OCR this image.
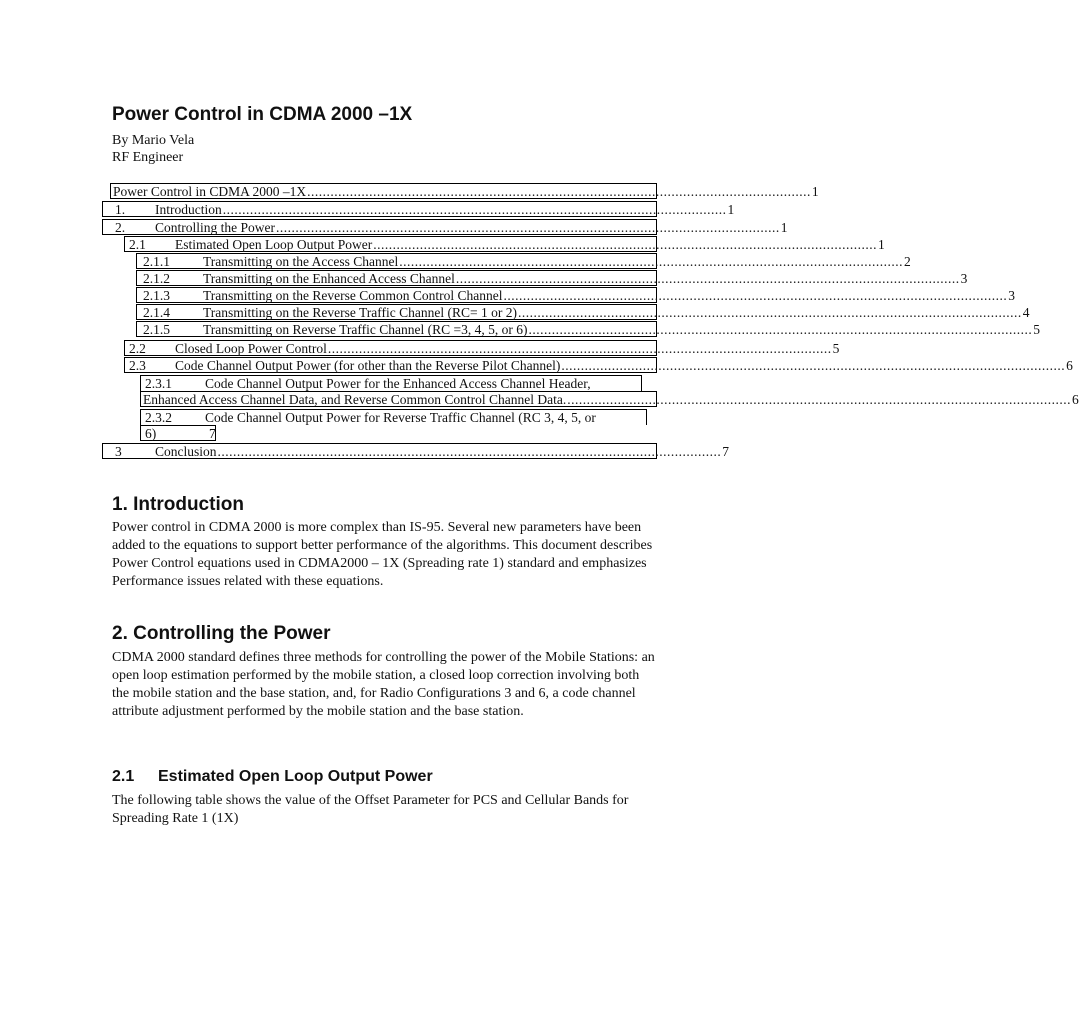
Power Control in CDMA 2000 –1X
By Mario Vela
RF Engineer
Power Control in CDMA 2000 –1X .................................................................................................................................. 1
1.	Introduction .................................................................................................................................. 1
2.	Controlling the Power .................................................................................................................................. 1
2.1	Estimated Open Loop Output Power .................................................................................................................................. 1
2.1.1	Transmitting on the Access Channel .................................................................................................................................. 2
2.1.2	Transmitting on the Enhanced Access Channel .................................................................................................................................. 3
2.1.3	Transmitting on the Reverse Common Control Channel .................................................................................................................................. 3
2.1.4	Transmitting on the Reverse Traffic Channel (RC= 1 or 2) .................................................................................................................................. 4
2.1.5	Transmitting on Reverse Traffic Channel (RC =3, 4, 5, or 6) .................................................................................................................................. 5
2.2	Closed Loop Power Control .................................................................................................................................. 5
2.3	Code Channel Output Power (for other than the Reverse Pilot Channel) .................................................................................................................................. 6
2.3.1	Code Channel Output Power for the Enhanced Access Channel Header,
Enhanced Access Channel Data, and Reverse Common Control Channel Data. .................................................................................................................................. 6
2.3.2	Code Channel Output Power for Reverse Traffic Channel (RC 3, 4, 5, or
6)	7
3	Conclusion .................................................................................................................................. 7
1. Introduction

Power control in CDMA 2000 is more complex than IS-95. Several new parameters have been added to the equations to support better performance of the algorithms. This document describes Power Control equations used in CDMA2000 – 1X (Spreading rate 1) standard and emphasizes Performance issues related with these equations.

2. Controlling the Power

CDMA 2000 standard defines three methods for controlling the power of the Mobile Stations: an open loop estimation performed by the mobile station, a closed loop correction involving both the mobile station and the base station, and, for Radio Configurations 3 and 6, a code channel attribute adjustment performed by the mobile station and the base station.

2.1 Estimated Open Loop Output Power

The following table shows the value of the Offset Parameter for PCS and Cellular Bands for Spreading Rate 1 (1X)
